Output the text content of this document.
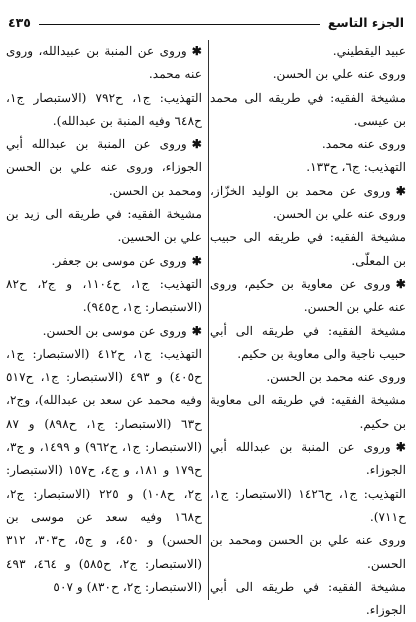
الجزء التاسع
٤٣٥

عبيد اليقطيني.

وروى عنه علي بن الحسن.

مشيخة الفقيه: في طريقه الى محمد بن عيسى.

وروى عنه محمد.

التهذيب: ج٦، ح١٣٣.

✱وروى عن محمد بن الوليد الخزّاز، وروى عنه علي بن الحسن.

مشيخة الفقيه: في طريقه الى حبيب بن المعلّى.

✱وروى عن معاوية بن حكيم، وروى عنه علي بن الحسن.

مشيخة الفقيه: في طريقه الى أبي حبيب ناجية والى معاوية بن حكيم.

وروى عنه محمد بن الحسن.

مشيخة الفقيه: في طريقه الى معاوية بن حكيم.

✱وروى عن المنبة بن عبدالله أبي الجوزاء.

التهذيب: ج١، ح١٤٢٦ (الاستبصار: ج١، ح٧١١).

وروى عنه علي بن الحسن ومحمد بن الحسن.

مشيخة الفقيه: في طريقه الى أبي الجوزاء.

✱وروى عن المنبة بن عبيدالله، وروى عنه محمد.

التهذيب: ج١، ح٧٩٢ (الاستبصار ج١، ح٦٤٨ وفيه المنبة بن عبدالله).

✱وروى عن المنبة بن عبدالله أبي الجوزاء، وروى عنه علي بن الحسن ومحمد بن الحسن.

مشيخة الفقيه: في طريقه الى زيد بن علي بن الحسين.

✱وروى عن موسى بن جعفر.

التهذيب: ج١، ح١١٠٤، و ج٢، ح٨٢ (الاستبصار: ج١، ح٩٤٥).

✱وروى عن موسى بن الحسن.

التهذيب: ج١، ح٤١٢ (الاستبصار: ج١، ح٤٠٥) و ٤٩٣ (الاستبصار: ج١، ح٥١٧ وفيه محمد عن سعد بن عبدالله)، وج٢، ح٦٣ (الاستبصار: ج١، ح٨٩٨) و ٨٧ (الاستبصار: ج١، ح٩٦٢) و ١٤٩٩، و ج٣، ح١٧٩ و ١٨١، و ج٤، ح١٥٧ (الاستبصار: ج٢، ح١٠٨) و ٢٢٥ (الاستبصار: ج٢، ح١٦٨ وفيه سعد عن موسى بن الحسن) و ٤٥٠، و ج٥، ح٣٠٣، ٣١٢ (الاستبصار: ج٢، ح٥٨٥) و ٤٦٤، ٤٩٣ (الاستبصار: ج٢، ح٨٣٠) و ٥٠٧
